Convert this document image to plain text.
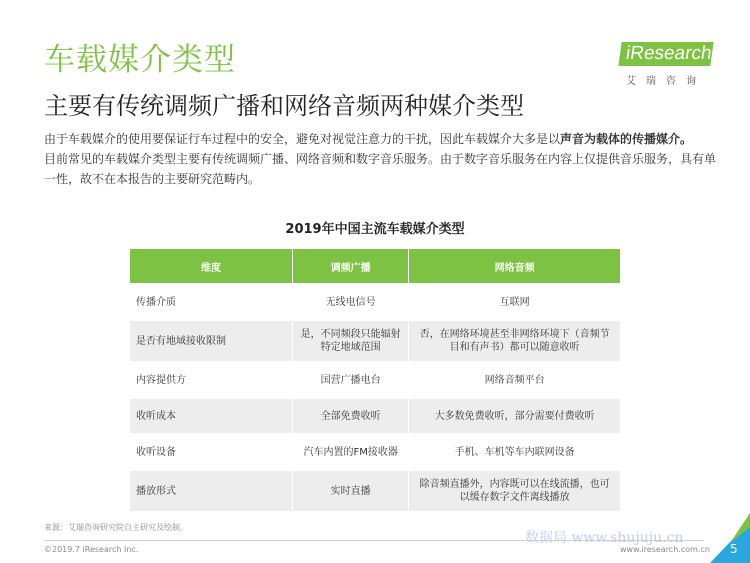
车载媒介类型
主要有传统调频广播和网络音频两种媒介类型
iResearch
艾瑞咨询
由于车载媒介的使用要保证行车过程中的安全，避免对视觉注意力的干扰，因此车载媒介大多是以声音为载体的传播媒介。
目前常见的车载媒介类型主要有传统调频广播、网络音频和数字音乐服务。由于数字音乐服务在内容上仅提供音乐服务，具有单一性，故不在本报告的主要研究范畴内。
2019年中国主流车载媒介类型
维度	调频广播	网络音频
传播介质	无线电信号	互联网
是否有地域接收限制	是，不同频段只能辐射特定地域范围	否，在网络环境甚至非网络环境下（音频节目和有声书）都可以随意收听
内容提供方	国营广播电台	网络音频平台
收听成本	全部免费收听	大多数免费收听，部分需要付费收听
收听设备	汽车内置的FM接收器	手机、车机等车内联网设备
播放形式	实时直播	除音频直播外，内容既可以在线流播，也可以缓存数字文件离线播放
来源：艾瑞咨询研究院自主研究及绘制。
©2019.7 iResearch Inc.
数据局 www.shujuju.cn
www.iresearch.com.cn 5
